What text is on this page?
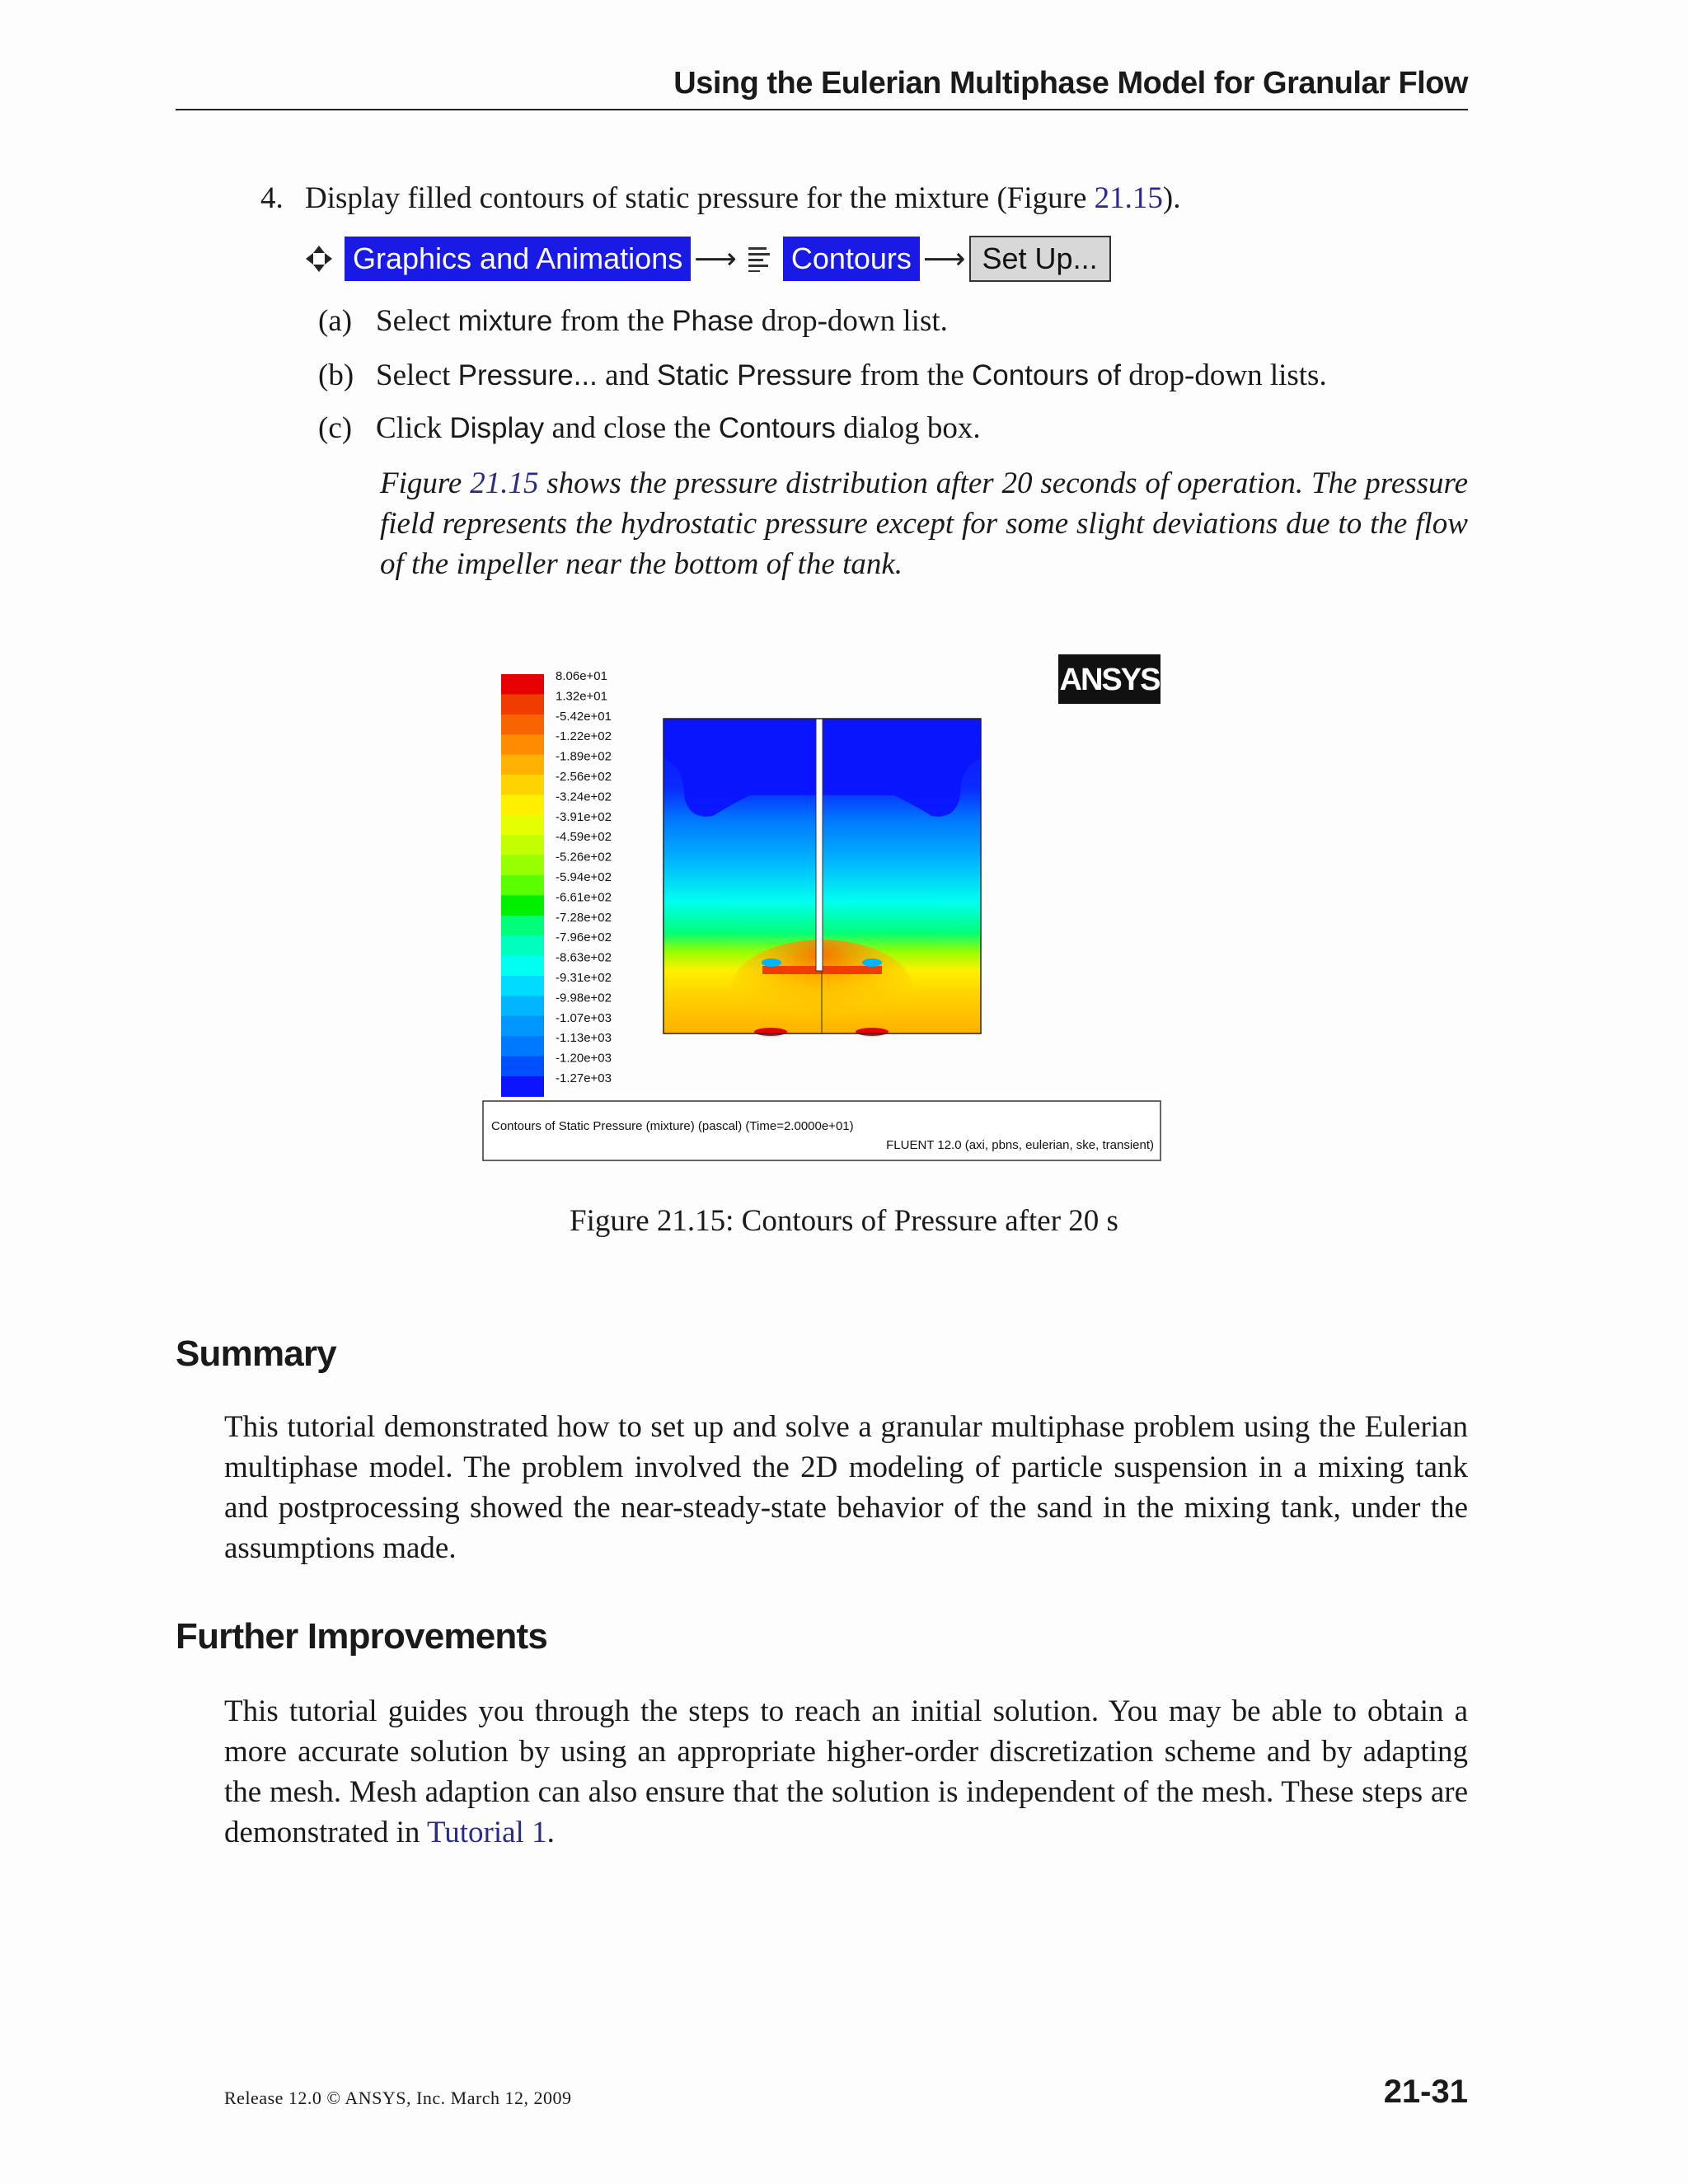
Using the Eulerian Multiphase Model for Granular Flow
4. Display filled contours of static pressure for the mixture (Figure 21.15).
Graphics and Animations ⟶ Contours ⟶ Set Up...
(a) Select mixture from the Phase drop-down list.
(b) Select Pressure... and Static Pressure from the Contours of drop-down lists.
(c) Click Display and close the Contours dialog box.
Figure 21.15 shows the pressure distribution after 20 seconds of operation. The pressure field represents the hydrostatic pressure except for some slight deviations due to the flow of the impeller near the bottom of the tank.
8.06e+01
1.32e+01
-5.42e+01
-1.22e+02
-1.89e+02
-2.56e+02
-3.24e+02
-3.91e+02
-4.59e+02
-5.26e+02
-5.94e+02
-6.61e+02
-7.28e+02
-7.96e+02
-8.63e+02
-9.31e+02
-9.98e+02
-1.07e+03
-1.13e+03
-1.20e+03
-1.27e+03
ANSYS
Contours of Static Pressure (mixture) (pascal) (Time=2.0000e+01)
FLUENT 12.0 (axi, pbns, eulerian, ske, transient)
Figure 21.15: Contours of Pressure after 20 s
Summary
This tutorial demonstrated how to set up and solve a granular multiphase problem using the Eulerian multiphase model. The problem involved the 2D modeling of particle suspension in a mixing tank and postprocessing showed the near-steady-state behavior of the sand in the mixing tank, under the assumptions made.
Further Improvements
This tutorial guides you through the steps to reach an initial solution. You may be able to obtain a more accurate solution by using an appropriate higher-order discretization scheme and by adapting the mesh. Mesh adaption can also ensure that the solution is independent of the mesh. These steps are demonstrated in Tutorial 1.
Release 12.0 © ANSYS, Inc. March 12, 2009	21-31
